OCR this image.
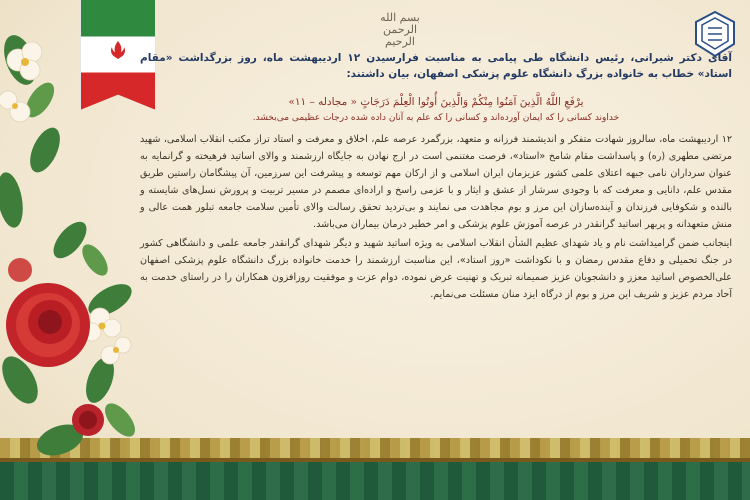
بسم الله الرحمن الرحیم

آقای دکتر شیرانی، رئیس دانشگاه طی پیامی به مناسبت فرارسیدن ۱۲ اردیبهشت ماه، روز بزرگداشت «مقام استاد» خطاب به خانواده بزرگ دانشگاه علوم پزشکی اصفهان، بیان داشتند:

یرْفَعِ اللَّهُ الَّذِینَ آمَنُوا مِنْکُمْ وَالَّذِینَ أُوتُوا الْعِلْمَ دَرَجَاتٍ « مجادله – ۱۱»

خداوند کسانی را که ایمان آورده‌اند و کسانی را که علم به آنان داده شده درجات عظیمی می‌بخشد.

۱۲ اردیبهشت ماه، سالروز شهادت متفکر و اندیشمند فرزانه و متعهد، بزرگمرد عرصه علم، اخلاق و معرفت و استاد تراز مکتب انقلاب اسلامی، شهید مرتضی مطهری (ره) و پاسداشت مقام شامخ «استاد»، فرصت مغتنمی است در ارج نهادن به جایگاه ارزشمند و والای اساتید فرهیخته و گرانمایه به عنوان سرداران نامی جبهه اعتلای علمی کشور عزیزمان ایران اسلامی و از ارکان مهم توسعه و پیشرفت این سرزمین، آن پیشگامان راستین طریق مقدس علم، دانایی و معرفت که با وجودی سرشار از عشق و ایثار و با عزمی راسخ و اراده‌ای مصمم در مسیر تربیت و پرورش نسل‌های شایسته و بالنده و شکوفایی فرزندان و آینده‌سازان این مرز و بوم مجاهدت می نمایند و بی‌تردید تحقق رسالت والای تأمین سلامت جامعه تبلور همت عالی و منش متعهدانه و پربهر اساتید گرانقدر در عرصه آموزش علوم پزشکی و امر خطیر درمان بیماران می‌باشد.

اینجانب ضمن گرامیداشت نام و یاد شهدای عظیم الشأن انقلاب اسلامی به ویژه اساتید شهید و دیگر شهدای گرانقدر جامعه علمی و دانشگاهی کشور در جنگ تحمیلی و دفاع مقدس رمضان و با نکوداشت «روز استاد»، این مناسبت ارزشمند را خدمت خانواده بزرگ دانشگاه علوم پزشکی اصفهان علی‌الخصوص اساتید معزز و دانشجویان عزیز صمیمانه تبریک و تهنیت عرض نموده، دوام عزت و موفقیت روزافزون همکاران را در راستای خدمت به آحاد مردم عزیز و شریف این مرز و بوم از درگاه ایزد منان مسئلت می‌نمایم.
